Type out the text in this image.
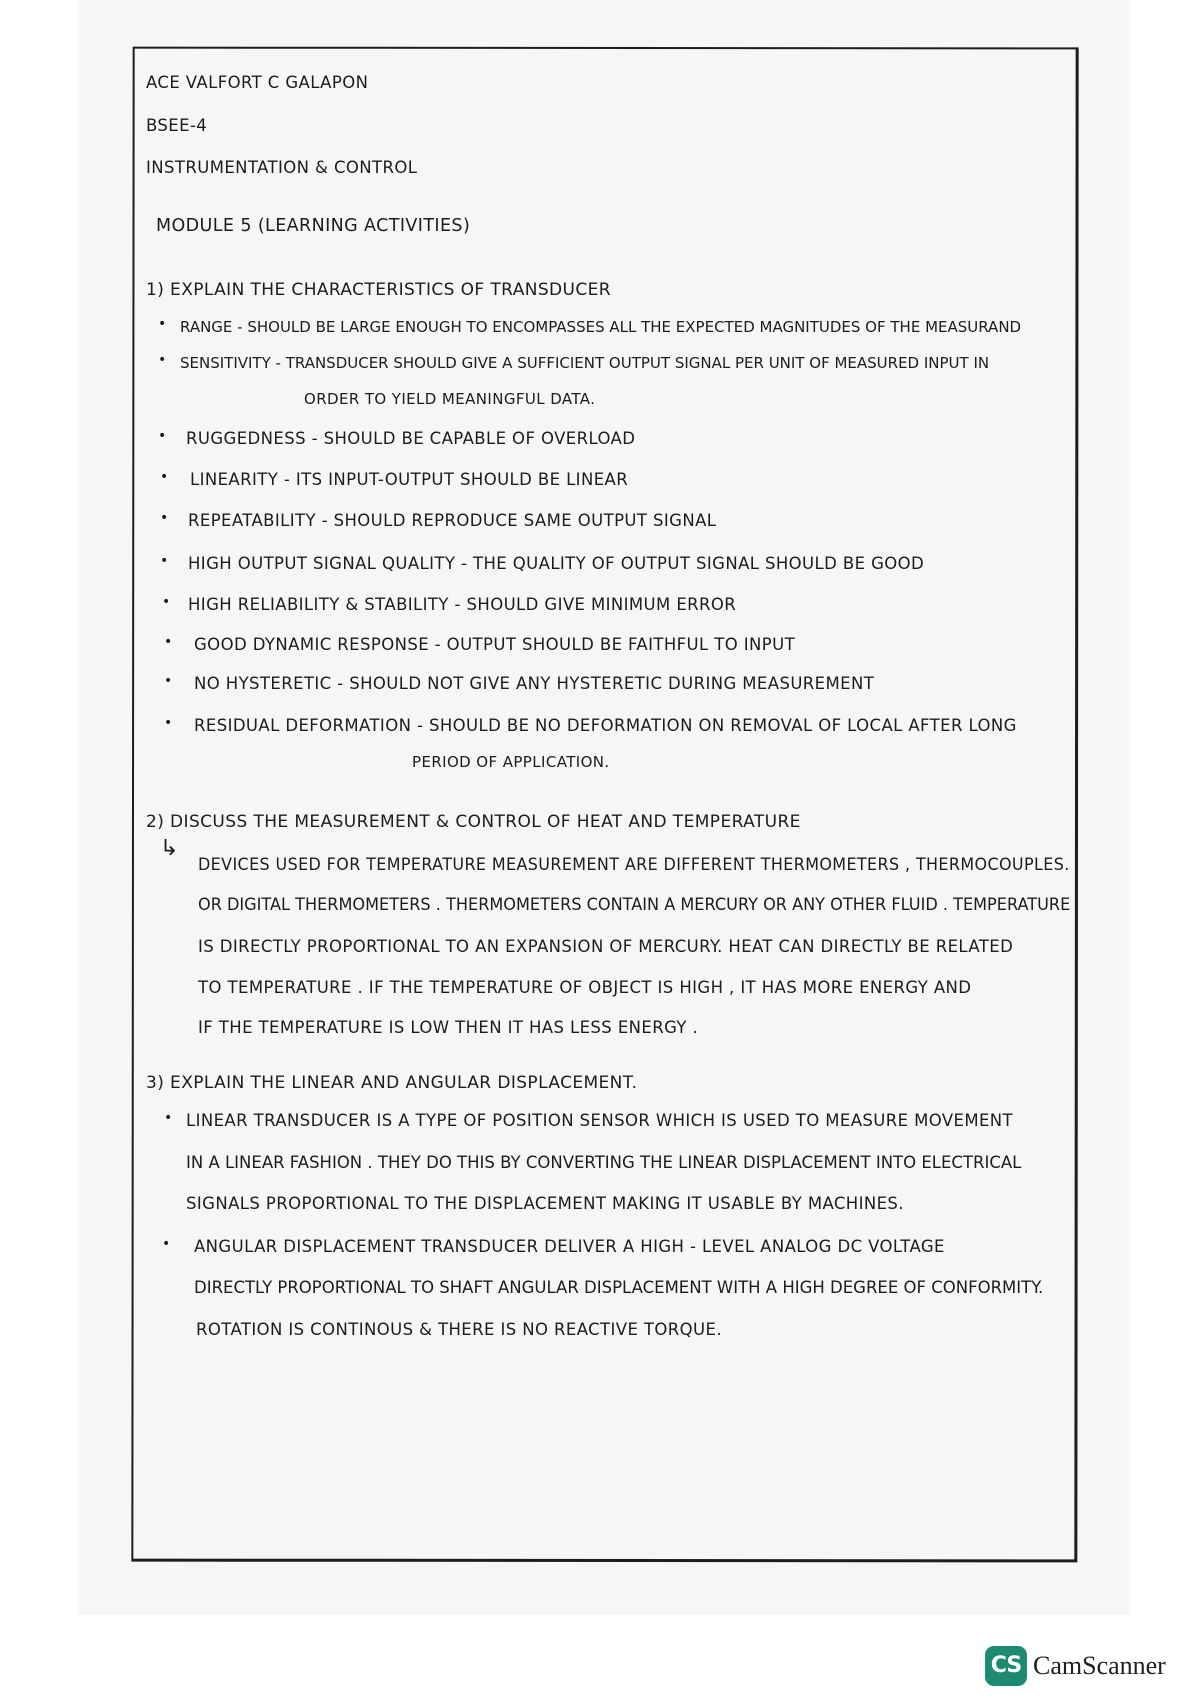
ACE VALFORT C GALAPON
BSEE-4
INSTRUMENTATION & CONTROL
MODULE 5 (LEARNING ACTIVITIES)
1) EXPLAIN THE CHARACTERISTICS OF TRANSDUCER
• RANGE - SHOULD BE LARGE ENOUGH TO ENCOMPASSES ALL THE EXPECTED MAGNITUDES OF THE MEASURAND
• SENSITIVITY - TRANSDUCER SHOULD GIVE A SUFFICIENT OUTPUT SIGNAL PER UNIT OF MEASURED INPUT IN
ORDER TO YIELD MEANINGFUL DATA.
• RUGGEDNESS - SHOULD BE CAPABLE OF OVERLOAD
• LINEARITY - ITS INPUT-OUTPUT SHOULD BE LINEAR
• REPEATABILITY - SHOULD REPRODUCE SAME OUTPUT SIGNAL
• HIGH OUTPUT SIGNAL QUALITY - THE QUALITY OF OUTPUT SIGNAL SHOULD BE GOOD
• HIGH RELIABILITY & STABILITY - SHOULD GIVE MINIMUM ERROR
• GOOD DYNAMIC RESPONSE - OUTPUT SHOULD BE FAITHFUL TO INPUT
• NO HYSTERETIC - SHOULD NOT GIVE ANY HYSTERETIC DURING MEASUREMENT
• RESIDUAL DEFORMATION - SHOULD BE NO DEFORMATION ON REMOVAL OF LOCAL AFTER LONG
PERIOD OF APPLICATION.
2) DISCUSS THE MEASUREMENT & CONTROL OF HEAT AND TEMPERATURE
↳
DEVICES USED FOR TEMPERATURE MEASUREMENT ARE DIFFERENT THERMOMETERS , THERMOCOUPLES.
OR DIGITAL THERMOMETERS . THERMOMETERS CONTAIN A MERCURY OR ANY OTHER FLUID . TEMPERATURE
IS DIRECTLY PROPORTIONAL TO AN EXPANSION OF MERCURY. HEAT CAN DIRECTLY BE RELATED
TO TEMPERATURE . IF THE TEMPERATURE OF OBJECT IS HIGH , IT HAS MORE ENERGY AND
IF THE TEMPERATURE IS LOW THEN IT HAS LESS ENERGY .
3) EXPLAIN THE LINEAR AND ANGULAR DISPLACEMENT.
• LINEAR TRANSDUCER IS A TYPE OF POSITION SENSOR WHICH IS USED TO MEASURE MOVEMENT
IN A LINEAR FASHION . THEY DO THIS BY CONVERTING THE LINEAR DISPLACEMENT INTO ELECTRICAL
SIGNALS PROPORTIONAL TO THE DISPLACEMENT MAKING IT USABLE BY MACHINES.
• ANGULAR DISPLACEMENT TRANSDUCER DELIVER A HIGH - LEVEL ANALOG DC VOLTAGE
DIRECTLY PROPORTIONAL TO SHAFT ANGULAR DISPLACEMENT WITH A HIGH DEGREE OF CONFORMITY.
ROTATION IS CONTINOUS & THERE IS NO REACTIVE TORQUE.
CS CamScanner
